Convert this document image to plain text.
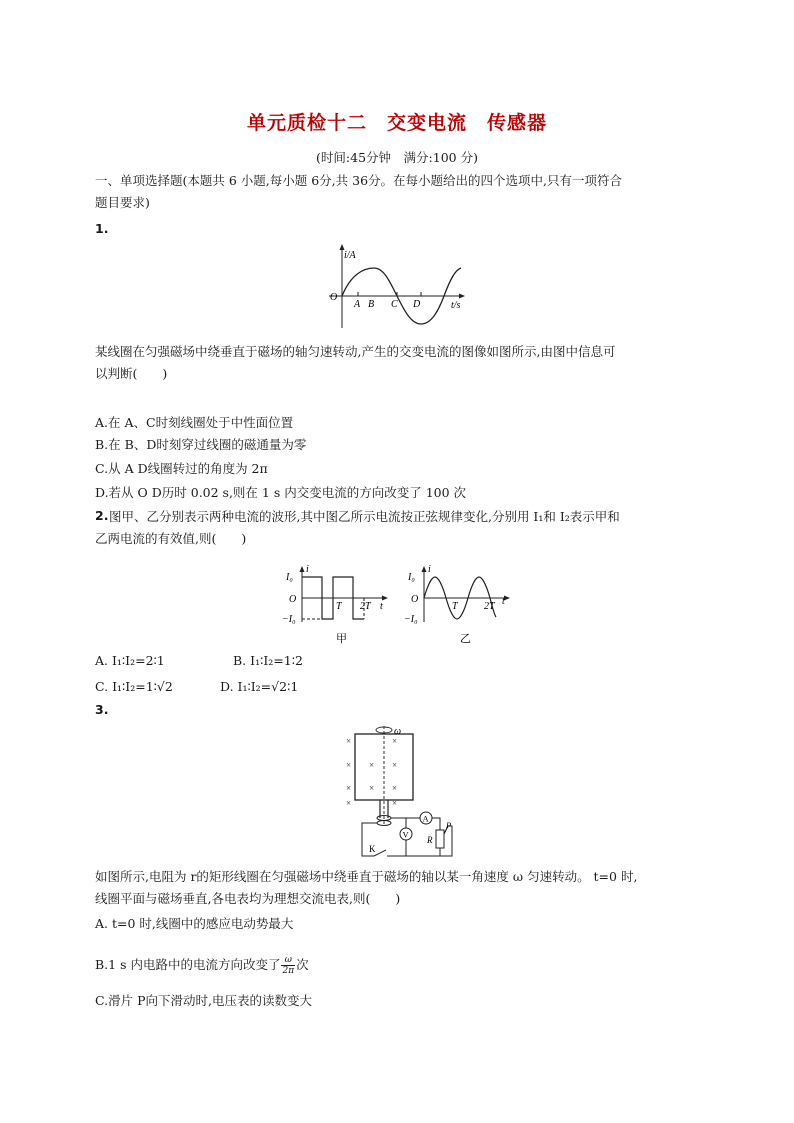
单元质检十二　交变电流　传感器
(时间:45分钟　满分:100 分)
一、单项选择题(本题共 6 小题,每小题 6分,共 36分。在每小题给出的四个选项中,只有一项符合
题目要求)
1.
i/A
O
A B C D	t/s
某线圈在匀强磁场中绕垂直于磁场的轴匀速转动,产生的交变电流的图像如图所示,由图中信息可
以判断(　　)
A.在 A、C时刻线圈处于中性面位置
B.在 B、D时刻穿过线圈的磁通量为零
C.从 A D线圈转过的角度为 2π
D.若从 O D历时 0.02 s,则在 1 s 内交变电流的方向改变了 100 次
2. 图甲、乙分别表示两种电流的波形,其中图乙所示电流按正弦规律变化,分别用 I₁和 I₂表示甲和
乙两电流的有效值,则(　　)
i
I₀
O
−I₀
T 2T t
甲
i
I₀
O
−I₀
T	2T t
乙
A. I₁∶I₂=2∶1	B. I₁∶I₂=1∶2
C. I₁∶I₂=1∶√2	D. I₁∶I₂=√2∶1
3.
×	×
× × ×
× × ×
×	×
ω
A
R
P
V
K
如图所示,电阻为 r的矩形线圈在匀强磁场中绕垂直于磁场的轴以某一角速度 ω 匀速转动。 t=0 时,
线圈平面与磁场垂直,各电表均为理想交流电表,则(　　)
A. t=0 时,线圈中的感应电动势最大
B.1 s 内电路中的电流方向改变了 $\frac{\omega}{2\pi}$ 次
C.滑片 P向下滑动时,电压表的读数变大
